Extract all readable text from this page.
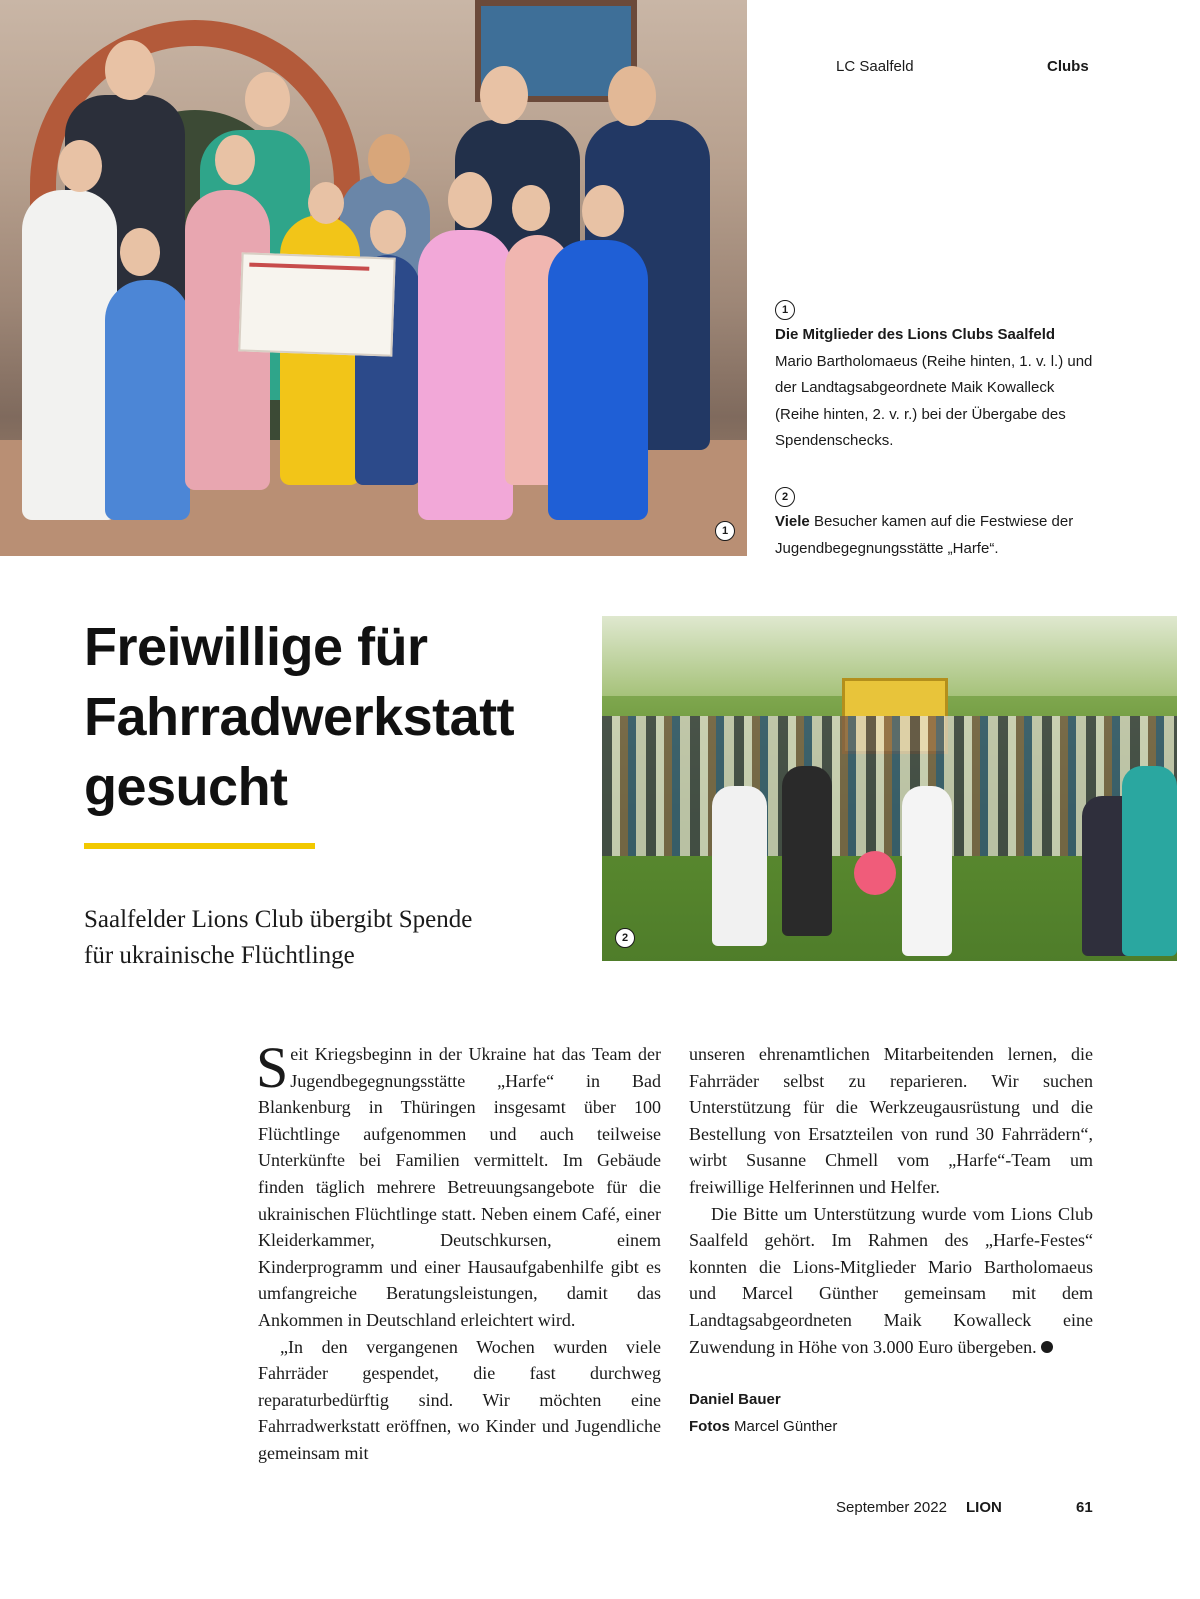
1
LC Saalfeld	Clubs
1
Die Mitglieder des Lions Clubs Saalfeld Mario Bartholomaeus (Reihe hinten, 1. v. l.) und der Landtagsabgeordnete Maik Kowalleck (Reihe hinten, 2. v. r.) bei der Übergabe des Spendenschecks.
2
Viele Besucher kamen auf die Festwiese der Jugendbegegnungsstätte „Harfe“.
Freiwillige für
Fahrradwerkstatt
gesucht
Saalfelder Lions Club übergibt Spende
für ukrainische Flüchtlinge
2

Seit Kriegsbeginn in der Ukraine hat das Team der Jugendbegegnungsstätte „Harfe“ in Bad Blankenburg in Thüringen insgesamt über 100 Flüchtlinge aufgenommen und auch teilweise Unterkünfte bei Familien vermittelt. Im Gebäude finden täglich mehrere Betreuungsangebote für die ukrainischen Flüchtlinge statt. Neben einem Café, einer Kleiderkammer, Deutschkursen, einem Kinderprogramm und einer Hausaufgabenhilfe gibt es umfangreiche Beratungsleistungen, damit das Ankommen in Deutschland erleichtert wird.

„In den vergangenen Wochen wurden viele Fahrräder gespendet, die fast durchweg reparaturbedürftig sind. Wir möchten eine Fahrradwerkstatt eröffnen, wo Kinder und Jugendliche gemeinsam mit

unseren ehrenamtlichen Mitarbeitenden lernen, die Fahrräder selbst zu reparieren. Wir suchen Unterstützung für die Werkzeugausrüstung und die Bestellung von Ersatzteilen von rund 30 Fahrrädern“, wirbt Susanne Chmell vom „Harfe“-Team um freiwillige Helferinnen und Helfer.

Die Bitte um Unterstützung wurde vom Lions Club Saalfeld gehört. Im Rahmen des „Harfe-Festes“ konnten die Lions-Mitglieder Mario Bartholomaeus und Marcel Günther gemeinsam mit dem Landtagsabgeordneten Maik Kowalleck eine Zuwendung in Höhe von 3.000 Euro übergeben.

Daniel Bauer
Fotos Marcel Günther
September 2022 LION	61
